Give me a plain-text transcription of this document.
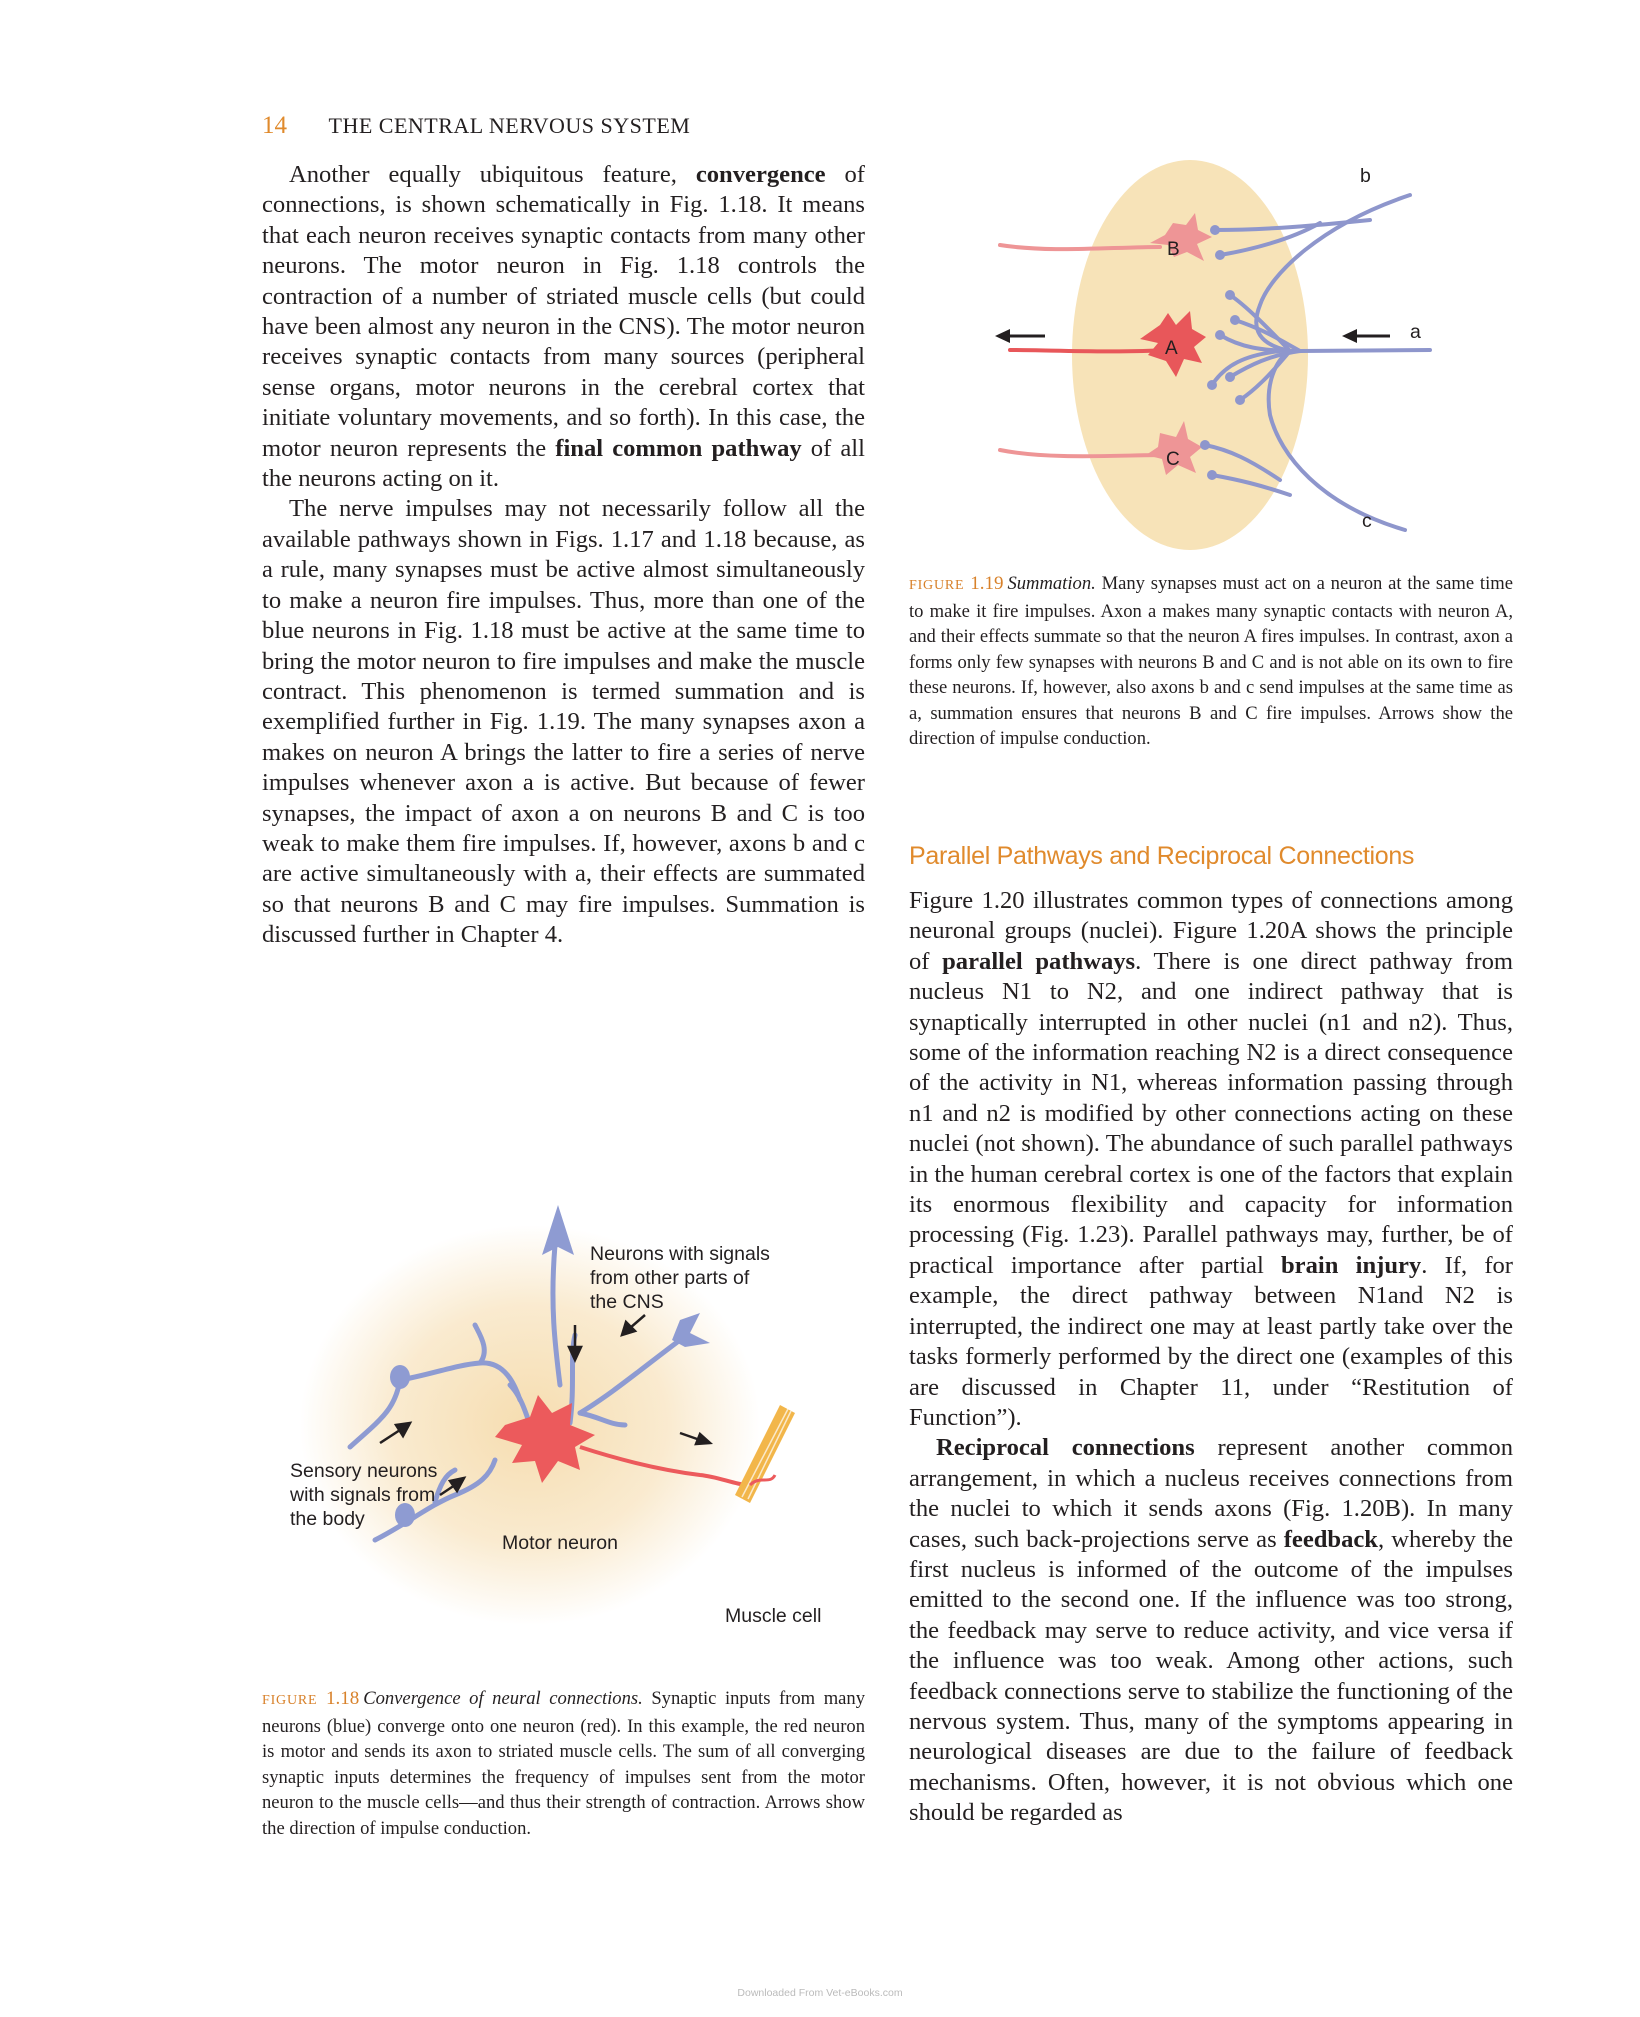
14 THE CENTRAL NERVOUS SYSTEM

Another equally ubiquitous feature, convergence of connections, is shown schematically in Fig. 1.18. It means that each neuron receives synaptic contacts from many other neurons. The motor neuron in Fig. 1.18 controls the contraction of a number of striated muscle cells (but could have been almost any neuron in the CNS). The motor neuron receives synaptic contacts from many sources (peripheral sense organs, motor neurons in the cerebral cortex that initiate voluntary movements, and so forth). In this case, the motor neuron represents the final common pathway of all the neurons acting on it.

The nerve impulses may not necessarily follow all the available pathways shown in Figs. 1.17 and 1.18 because, as a rule, many synapses must be active almost simultaneously to make a neuron fire impulses. Thus, more than one of the blue neurons in Fig. 1.18 must be active at the same time to bring the motor neuron to fire impulses and make the muscle contract. This phenomenon is termed summation and is exemplified further in Fig. 1.19. The many synapses axon a makes on neuron A brings the latter to fire a series of nerve impulses whenever axon a is active. But because of fewer synapses, the impact of axon a on neurons B and C is too weak to make them fire impulses. If, however, axons b and c are active simultaneously with a, their effects are summated so that neurons B and C may fire impulses. Summation is discussed further in Chapter 4.

B
A
C
b
a
c
FIGURE 1.19 Summation. Many synapses must act on a neuron at the same time to make it fire impulses. Axon a makes many synaptic contacts with neuron A, and their effects summate so that the neuron A fires impulses. In contrast, axon a forms only few synapses with neurons B and C and is not able on its own to fire these neurons. If, however, also axons b and c send impulses at the same time as a, summation ensures that neurons B and C fire impulses. Arrows show the direction of impulse conduction.
Parallel Pathways and Reciprocal Connections

Figure 1.20 illustrates common types of connections among neuronal groups (nuclei). Figure 1.20A shows the principle of parallel pathways. There is one direct pathway from nucleus N1 to N2, and one indirect pathway that is synaptically interrupted in other nuclei (n1 and n2). Thus, some of the information reaching N2 is a direct consequence of the activity in N1, whereas information passing through n1 and n2 is modified by other connections acting on these nuclei (not shown). The abundance of such parallel pathways in the human cerebral cortex is one of the factors that explain its enormous flexibility and capacity for information processing (Fig. 1.23). Parallel pathways may, further, be of practical importance after partial brain injury. If, for example, the direct pathway between N1and N2 is interrupted, the indirect one may at least partly take over the tasks formerly performed by the direct one (examples of this are discussed in Chapter 11, under “Restitution of Function”).

Reciprocal connections represent another common arrangement, in which a nucleus receives connections from the nuclei to which it sends axons (Fig. 1.20B). In many cases, such back-projections serve as feedback, whereby the first nucleus is informed of the outcome of the impulses emitted to the second one. If the influence was too strong, the feedback may serve to reduce activity, and vice versa if the influence was too weak. Among other actions, such feedback connections serve to stabilize the functioning of the nervous system. Thus, many of the symptoms appearing in neurological diseases are due to the failure of feedback mechanisms. Often, however, it is not obvious which one should be regarded as

Neurons with signals
from other parts of
the CNS
Sensory neurons
with signals from
the body
Motor neuron
Muscle cell
FIGURE 1.18 Convergence of neural connections. Synaptic inputs from many neurons (blue) converge onto one neuron (red). In this example, the red neuron is motor and sends its axon to striated muscle cells. The sum of all converging synaptic inputs determines the frequency of impulses sent from the motor neuron to the muscle cells—and thus their strength of contraction. Arrows show the direction of impulse conduction.
Downloaded From Vet-eBooks.com
